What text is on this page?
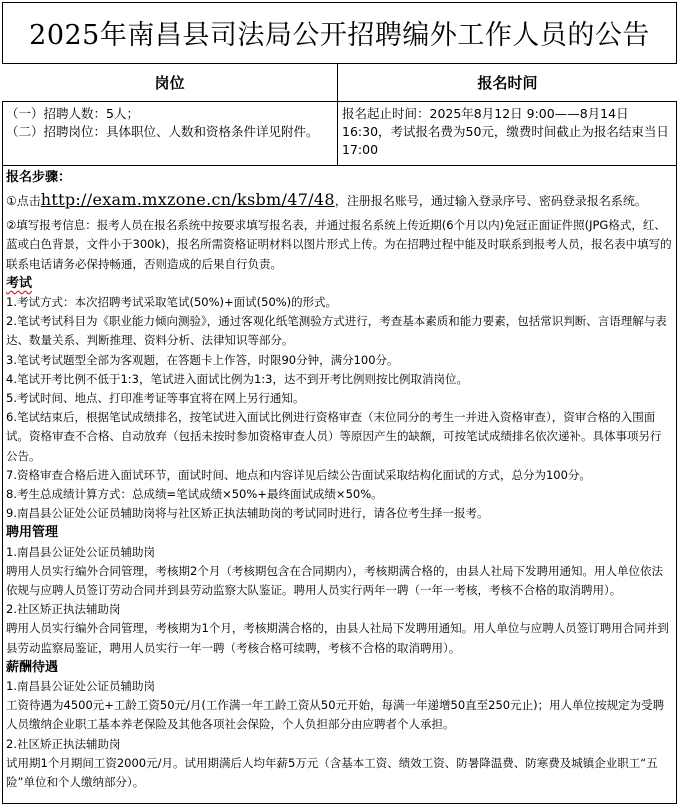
2025年南昌县司法局公开招聘编外工作人员的公告
岗位	报名时间
（一）招聘人数：5人；
（二）招聘岗位：具体职位、人数和资格条件详见附件。
报名起止时间：2025年8月12日 9:00——8月14日 16:30，考试报名费为50元，缴费时间截止为报名结束当日17:00

报名步骤：

①点击http://exam.mxzone.cn/ksbm/47/48，注册报名账号，通过输入登录序号、密码登录报名系统。

②填写报考信息：报考人员在报名系统中按要求填写报名表，并通过报名系统上传近期(6个月以内)免冠正面证件照(JPG格式，红、蓝或白色背景，文件小于300k)，报名所需资格证明材料以图片形式上传。为在招聘过程中能及时联系到报考人员，报名表中填写的联系电话请务必保持畅通，否则造成的后果自行负责。

考试

1.考试方式：本次招聘考试采取笔试(50%)+面试(50%)的形式。

2.笔试考试科目为《职业能力倾向测验》，通过客观化纸笔测验方式进行，考查基本素质和能力要素，包括常识判断、言语理解与表达、数量关系、判断推理、资料分析、法律知识等部分。

3.笔试考试题型全部为客观题，在答题卡上作答，时限90分钟，满分100分。

4.笔试开考比例不低于1:3，笔试进入面试比例为1:3，达不到开考比例则按比例取消岗位。

5.考试时间、地点、打印准考证等事宜将在网上另行通知。

6.笔试结束后，根据笔试成绩排名，按笔试进入面试比例进行资格审查（末位同分的考生一并进入资格审查），资审合格的入围面试。资格审查不合格、自动放弃（包括未按时参加资格审查人员）等原因产生的缺额，可按笔试成绩排名依次递补。具体事项另行公告。

7.资格审查合格后进入面试环节，面试时间、地点和内容详见后续公告面试采取结构化面试的方式，总分为100分。

8.考生总成绩计算方式：总成绩=笔试成绩×50%+最终面试成绩×50%。

9.南昌县公证处公证员辅助岗将与社区矫正执法辅助岗的考试同时进行，请各位考生择一报考。

聘用管理

1.南昌县公证处公证员辅助岗

聘用人员实行编外合同管理，考核期2个月（考核期包含在合同期内），考核期满合格的，由县人社局下发聘用通知。用人单位依法依规与应聘人员签订劳动合同并到县劳动监察大队鉴证。聘用人员实行两年一聘（一年一考核，考核不合格的取消聘用）。

2.社区矫正执法辅助岗

聘用人员实行编外合同管理，考核期为1个月，考核期满合格的，由县人社局下发聘用通知。用人单位与应聘人员签订聘用合同并到县劳动监察局鉴证，聘用人员实行一年一聘（考核合格可续聘，考核不合格的取消聘用）。

薪酬待遇

1.南昌县公证处公证员辅助岗

工资待遇为4500元+工龄工资50元/月(工作满一年工龄工资从50元开始，每满一年递增50直至250元止)；用人单位按规定为受聘人员缴纳企业职工基本养老保险及其他各项社会保险，个人负担部分由应聘者个人承担。

2.社区矫正执法辅助岗

试用期1个月期间工资2000元/月。试用期满后人均年薪5万元（含基本工资、绩效工资、防暑降温费、防寒费及城镇企业职工“五险”单位和个人缴纳部分）。
